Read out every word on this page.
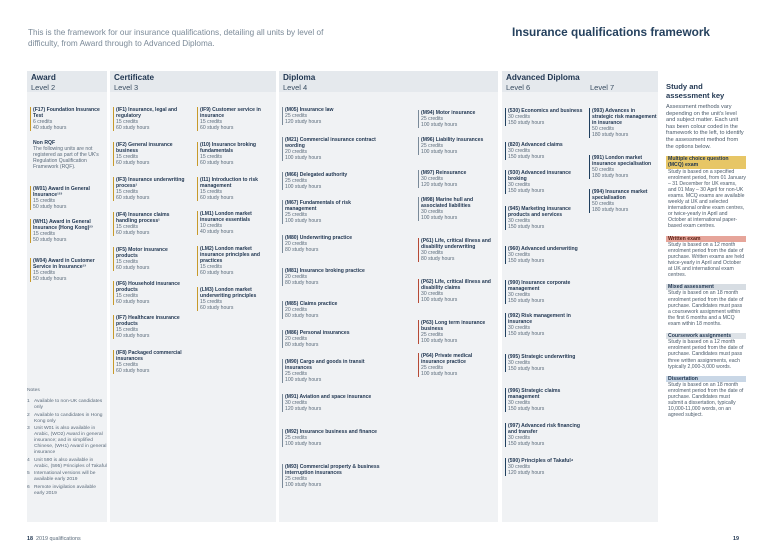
This is the framework for our insurance qualifications, detailing all units by level of difficulty, from Award through to Advanced Diploma.
Insurance qualifications framework
Award
Level 2
Certificate
Level 3
Diploma
Level 4
Advanced Diploma
Level 6	Level 7
(F17) Foundation Insurance Test
6 credits
40 study hours
Non RQF
The following units are not registered as part of the UK's Regulation Qualification Framework (RQF).
(W01) Award in General Insurance¹²³
15 credits
50 study hours
(WH1) Award in General Insurance (Hong Kong)²³
15 credits
50 study hours
(W04) Award in Customer Service in Insurance¹³
15 credits
50 study hours
(IF1) Insurance, legal and regulatory
15 credits
60 study hours
(IF2) General insurance business
15 credits
60 study hours
(IF3) Insurance underwriting process¹
15 credits
60 study hours
(IF4) Insurance claims handling process¹
15 credits
60 study hours
(IF5) Motor insurance products
15 credits
60 study hours
(IF6) Household insurance products
15 credits
60 study hours
(IF7) Healthcare insurance products
15 credits
60 study hours
(IF8) Packaged commercial insurances
15 credits
60 study hours
(IF9) Customer service in insurance
15 credits
60 study hours
(I10) Insurance broking fundamentals
15 credits
60 study hours
(I11) Introduction to risk management
15 credits
60 study hours
(LM1) London market insurance essentials
10 credits
40 study hours
(LM2) London market insurance principles and practices
15 credits
60 study hours
(LM3) London market underwriting principles
15 credits
60 study hours
(M05) Insurance law
25 credits
120 study hours
(M21) Commercial insurance contract wording
20 credits
100 study hours
(M66) Delegated authority
25 credits
100 study hours
(M67) Fundamentals of risk management
25 credits
100 study hours
(M80) Underwriting practice
20 credits
80 study hours
(M81) Insurance broking practice
20 credits
80 study hours
(M85) Claims practice
20 credits
80 study hours
(M86) Personal insurances
20 credits
80 study hours
(M90) Cargo and goods in transit insurances
25 credits
100 study hours
(M91) Aviation and space insurance
30 credits
120 study hours
(M92) Insurance business and finance
25 credits
100 study hours
(M93) Commercial property & business interruption insurances
25 credits
100 study hours
(M94) Motor insurance
25 credits
100 study hours
(M96) Liability insurances
25 credits
100 study hours
(M97) Reinsurance
30 credits
120 study hours
(M98) Marine hull and associated liabilities
30 credits
100 study hours
(P61) Life, critical illness and disability underwriting
30 credits
80 study hours
(P62) Life, critical illness and disability claims
30 credits
100 study hours
(P63) Long term insurance business
25 credits
100 study hours
(P64) Private medical insurance practice
25 credits
100 study hours
(530) Economics and business
30 credits
150 study hours
(820) Advanced claims
30 credits
150 study hours
(930) Advanced insurance broking
30 credits
150 study hours
(945) Marketing insurance products and services
30 credits
150 study hours
(960) Advanced underwriting
30 credits
150 study hours
(990) Insurance corporate management
30 credits
150 study hours
(992) Risk management in insurance
30 credits
150 study hours
(995) Strategic underwriting
30 credits
150 study hours
(996) Strategic claims management
30 credits
150 study hours
(997) Advanced risk financing and transfer
30 credits
150 study hours
(590) Principles of Takaful⁴
30 credits
120 study hours
(993) Advances in strategic risk management in insurance
50 credits
180 study hours
(991) London market insurance specialisation
50 credits
180 study hours
(994) Insurance market specialisation
50 credits
180 study hours
Notes
1 Available to non-UK candidates only
2 Available to candidates in Hong Kong only
3 Unit W01 is also available in Arabic, (WO2) Award in general insurance; and in simplified Chinese, (WH1) Award in general insurance
4 Unit 590 is also available in Arabic, (595) Principles of Takaful
5 International versions will be available early 2019
6 Remote invigilation available early 2019
Study and assessment key
Assessment methods vary depending on the unit's level and subject matter. Each unit has been colour coded in the framework to the left, to identify the assessment method from the options below.
Multiple choice question (MCQ) exam
Study is based on a specified enrolment period, from 01 January – 31 December for UK exams, and 01 May – 30 April for non-UK exams. MCQ exams are available weekly at UK and selected international online exam centres, or twice-yearly in April and October at international paper-based exam centres.
Written exam
Study is based on a 12 month enrolment period from the date of purchase. Written exams are held twice-yearly in April and October at UK and international exam centres.
Mixed assessment
Study is based on an 18 month enrolment period from the date of purchase. Candidates must pass a coursework assignment within the first 6 months and a MCQ exam within 18 months.
Coursework assignments
Study is based on a 12 month enrolment period from the date of purchase. Candidates must pass three written assignments, each typically 2,000-3,000 words.
Dissertation
Study is based on an 18 month enrolment period from the date of purchase. Candidates must submit a dissertation, typically 10,000-11,000 words, on an agreed subject.
18 2019 qualifications	19
